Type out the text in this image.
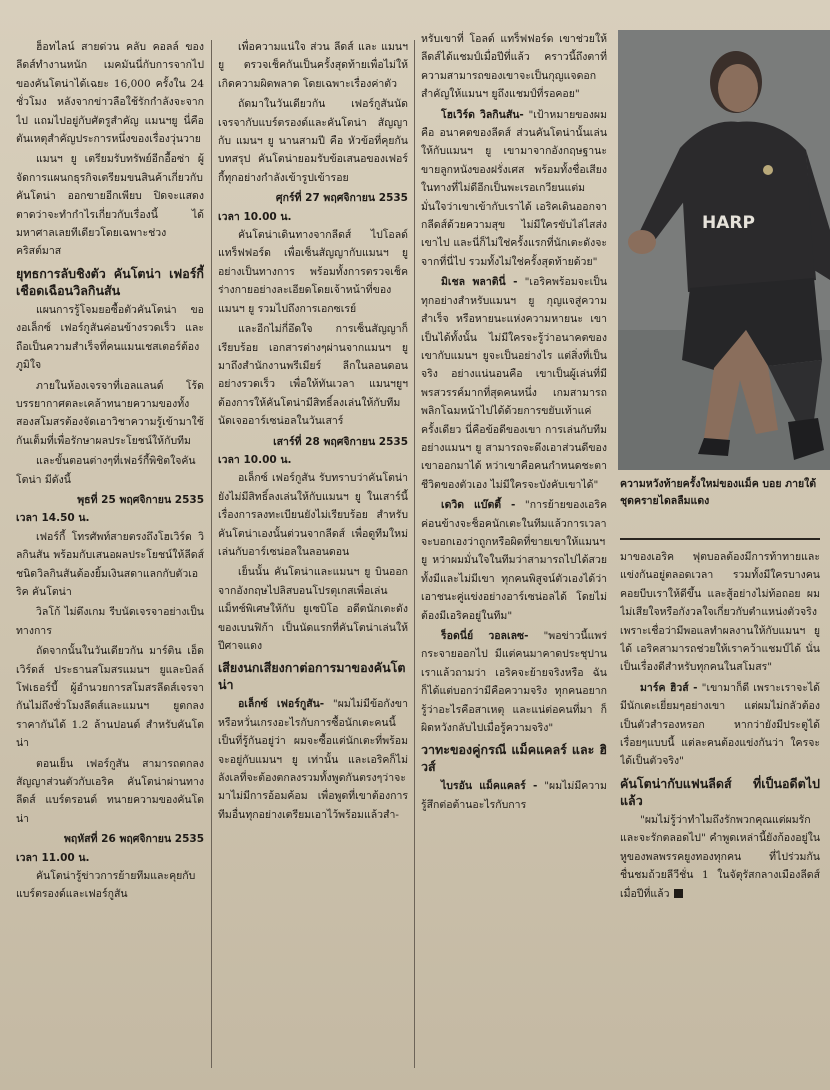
ฮ็อทไลน์ สายด่วน คลับ คอลล์ ของลีดส์ทำงานหนัก เมคมันนี่กับการจากไปของคันโตน่าได้เฉยะ 16,000 ครั้งใน 24 ชั่วโมง หลังจากข่าวลือใช้รักกำลังจะจากไป แถมไปอยู่กับศัตรูสำคัญ แมนฯยู นี่คือ ตันเหตุสำคัญประการหนึ่งของเรื่องวุ่นวาย

แมนฯ ยู เตรียมรับทรัพย์อีกอื้อซ่า ผู้จัดการแผนกธุรกิจเตรียมขนสินค้าเกี่ยวกับคันโตน่า ออกขายอีกเพียบ ปิดจะแสดงตาดว่าจะทำกำไรเกี่ยวกับเรื่องนี้ ได้มหาศาลเลยทีเดียวโดยเฉพาะช่วงคริสต์มาส

ยุทธการลับชิงตัว คันโตน่า เฟอร์กี้เชือดเฉือนวิลกินสัน

แผนการรู้โจมยอซื้อตัวคันโตน่า ของอเล็กซ์ เฟอร์กูสันค่อนข้างรวดเร็ว และถือเป็นความสำเร็จที่คนแมนเชสเตอร์ต้องภูมิใจ

ภายในห้องเจรจาที่เอลแลนด์ โร้ด บรรยากาศตละเคล้าทนายความของทั้งสองสโมสรต้องจัดเอาวิชาความรู้เข้ามาใช้กันเต็มที่เพื่อรักษาผลประโยชน์ให้กับทีม

และขั้นตอนต่างๆที่เฟอร์กี้พิชิตใจคันโตน่า มีดังนี้

พุธที่ 25 พฤศจิกายน 2535
เวลา 14.50 น.

เฟอร์กี้ โทรศัพท์สายตรงถึงโฮเวิร์ด วิลกินสัน พร้อมกับเสนอผลประโยชน์ให้ลีดส์ ชนิดวิลกินสันต้องยิ้มเงินสดาแลกกับตัวเอริค คันโตน่า

วิลโก้ ไม่ดึงเกม รีบนัดเจรจาอย่างเป็นทางการ

ถัดจากนั้นในวันเดียวกัน มาร์ติน เอ็ดเวิร์ดส์ ประธานสโมสรแมนฯ ยูและบิลล์ โฟเธอร์บี้ ผู้อำนวยการสโมสรลีดส์เจรจากันไม่ถึงชั่วโมงลีดส์และแมนฯ ยูตกลงราคากันได้ 1.2 ล้านปอนด์ สำหรับคันโตน่า

ตอนเย็น เฟอร์กูสัน สามารถตกลงสัญญาส่วนตัวกับเอริค คันโตน่าผ่านทางลีดส์ แบร์ตรอนด์ ทนายความของคันโตน่า

พฤหัสที่ 26 พฤศจิกายน 2535
เวลา 11.00 น.

คันโตน่ารู้ข่าวการย้ายทีมและคุยกับแบร์ตรองด์และเฟอร์กูสัน

เพื่อความแน่ใจ ส่วน ลีดส์ และ แมนฯยู ตรวจเช็คกันเป็นครั้งสุดท้ายเพื่อไม่ให้เกิดความผิดพลาด โดยเฉพาะเรื่องค่าตัว

ถัดมาในวันเดียวกัน เฟอร์กูสันนัดเจรจากับแบร์ตรองด์และคันโตน่า สัญญากับ แมนฯ ยู นานสามปี คือ หัวข้อที่คุยกัน บทสรุป คันโตน่ายอมรับข้อเสนอของเฟอร์กี้ทุกอย่างกำลังเข้ารูปเข้ารอย

ศุกร์ที่ 27 พฤศจิกายน 2535
เวลา 10.00 น.

คันโตน่าเดินทางจากลีดส์ ไปโอลด์ แทร็ฟฟอร์ด เพื่อเซ็นสัญญากับแมนฯ ยู อย่างเป็นทางการ พร้อมทั้งการตรวจเช็คร่างกายอย่างละเอียดโดยเจ้าหน้าที่ของแมนฯ ยู รวมไปถึงการเอกซเรย์

และอีกไม่กี่อึดใจ การเซ็นสัญญาก็เรียบร้อย เอกสารต่างๆผ่านจากแมนฯ ยู มาถึงสำนักงานพรีเมียร์ ลีกในลอนดอนอย่างรวดเร็ว เพื่อให้ทันเวลา แมนฯยูฯ ต้องการให้คันโตน่ามีสิทธิ์ลงเล่นให้กับทีมนัดเจออาร์เซน่อลในวันเสาร์

เสาร์ที่ 28 พฤศจิกายน 2535
เวลา 10.00 น.

อเล็กซ์ เฟอร์กูสัน รับทราบว่าคันโตน่ายังไม่มีสิทธิ์ลงเล่นให้กับแมนฯ ยู ในเสาร์นี้ เรื่องการลงทะเบียนยังไม่เรียบร้อย สำหรับคันโตน่าเองนั้นต่วนจากลีดส์ เพื่อดูทีมใหม่เล่นกับอาร์เซน่อลในลอนดอน

เย็นนั้น คันโตน่าและแมนฯ ยู บินออกจากอังกฤษไปลิสบอนโปรตุเกสเพื่อเล่นแม็ทช์พิเศษให้กับ ยูเซบิโอ อดีตนักเตะดังของเบนฟิก้า เป็นนัดแรกที่คันโตน่าเล่นให้ปีศาจแดง

เสียงนกเสียงกาต่อการมาของคันโตน่า

อเล็กซ์ เฟอร์กูสัน- "ผมไม่มีข้อกังขาหรือหวั่นเกรงอะไรกับการซื้อนักเตะคนนี้ เป็นที่รู้กันอยู่ว่า ผมจะซื้อแต่นักเตะที่พร้อมจะอยู่กับแมนฯ ยู เท่านั้น และเอริคก็ไม่ลังเลที่จะต้องตกลงรวมทั้งพูดกันตรงๆว่าจะมาไม่มีการอ้อมค้อม เพื่อพูดที่เขาต้องการทีมอื่นทุกอย่างเตรียมเอาไว้พร้อมแล้วสำ-

หรับเขาที่ โอลด์ แทร็ฟฟอร์ด เขาช่วยให้ลีดส์ได้แชมป์เมื่อปีที่แล้ว คราวนี้ถึงตาที่ความสามารถของเขาจะเป็นกุญแจดอกสำคัญให้แมนฯ ยูถึงแชมป์ที่รอคอย"

โฮเวิร์ด วิลกินสัน- "เป้าหมายของผมคือ อนาคตของลีดส์ ส่วนคันโตน่านั้นเล่นให้กับแมนฯ ยู เขามาจากอังกฤษฐานะขายลูกหนังของฝรั่งเศส พร้อมทั้งชื่อเสียงในทางที่ไม่ดีอีกเป็นพะเรอเกวียนแต่มมั่นใจว่าเขาเข้ากับเราได้ เอริคเดินออกจากลีดส์ด้วยความสุข ไม่มีใครขับไล่ไสส่งเขาไป และนี่ก็ไม่ใช่ครั้งแรกที่นักเตะดังจะจากที่นี่ไป รวมทั้งไม่ใช่ครั้งสุดท้ายด้วย"

มิเชล พลาตินี่ - "เอริคพร้อมจะเป็นทุกอย่างสำหรับแมนฯ ยู กุญแจสู่ความสำเร็จ หรือหายนะแห่งความหายนะ เขาเป็นได้ทั้งนั้น ไม่มีใครจะรู้ว่าอนาคตของเขากับแมนฯ ยูจะเป็นอย่างไร แต่สิ่งที่เป็นจริง อย่างแน่นอนคือ เขาเป็นผู้เล่นที่มีพรสวรรค์มากที่สุดคนหนึ่ง เกมสามารถ พลิกโฉมหน้าไปได้ด้วยการขยับเท้าแค่ครั้งเดียว นี่คือข้อดีของเขา การเล่นกับทีมอย่างแมนฯ ยู สามารถจะดึงเอาส่วนดีของเขาออกมาได้ หว่าเขาคือคนกำหนดชะตาชีวิตของตัวเอง ไม่มีใครจะบังคับเขาได้"

เดวิด แบ๊ตตี้ - "การย้ายของเอริค ค่อนข้างจะช็อคนักเตะในทีมแล้วการเวลาจะบอกเองว่าถูกหรือผิดที่ขายเขาให้แมนฯ ยู หว่าผมมั่นใจในทีมว่าสามารถไปได้สวยทั้งมีและไม่มีเขา ทุกคนพิสูจน์ตัวเองได้ว่า เอาชนะคู่แข่งอย่างอาร์เซน่อลได้ โดยไม่ต้องมีเอริคอยู่ในทีม"

ร็อดนี่ย์ วอลเลซ- "พอข่าวนี้แพร่กระจายออกไป มีแต่คนมาคาดประชุปานเราแล้วถามว่า เอริคจะย้ายจริงหรือ ฉันก็ได้แต่บอกว่ามีคือความจริง ทุกคนอยากรู้ว่าอะไรคือสาเหตุ และแน่ต่อคนที่มา ก็ผิดหวังกลับไปเมื่อรู้ความจริง"

วาทะของคู่กรณี แม็คแคลร์ และ ฮิวส์

ไบรอัน แม็คแคลร์ - "ผมไม่มีความรู้สึกต่อต้านอะไรกับการ

HARP
ความหวังท้ายครั้งใหม่ของแม็ค บอย ภายใต้ชุดครายไดลลืมแดง

มาของเอริค ฟุตบอลต้องมีการท้าทายและแข่งกันอยู่ตลอดเวลา รวมทั้งมีใครบางคนคอยบีบเราให้ดีขึ้น และสู้อย่างไม่ท้อถอย ผมไม่เสียใจหรือกังวลใจเกี่ยวกับตำแหน่งตัวจริง เพราะเชื่อว่ามีพอแลทำผลงานให้กับแมนฯ ยูได้ เอริคสามารถช่วยให้เราคว้าแชมป์ได้ นั่นเป็นเรื่องดีสำหรับทุกคนในสโมสร"

มาร์ค ฮิวส์ - "เขามาก็ดี เพราะเราจะได้มีนักเตะเยี่ยมๆอย่างเขา แต่ผมไม่กลัวต้องเป็นตัวสำรองหรอก หากว่ายังมีประตูได้เรื่อยๆแบบนี้ แต่ละคนต้องแข่งกันว่า ใครจะได้เป็นตัวจริง"

คันโตน่ากับแฟนลีดส์ ที่เป็นอดีตไปแล้ว

"ผมไม่รู้ว่าทำไมถึงรักพวกคุณแต่ผมรักและจะรักตลอดไป" คำพูดเหล่านี้ยังก้องอยู่ในหูของพลพรรคยูงทองทุกคน ที่ไปร่วมกันชื่นชมถ้วยลีวีชั่น 1 ในจัตุรัสกลางเมืองลีดส์เมื่อปีที่แล้ว
